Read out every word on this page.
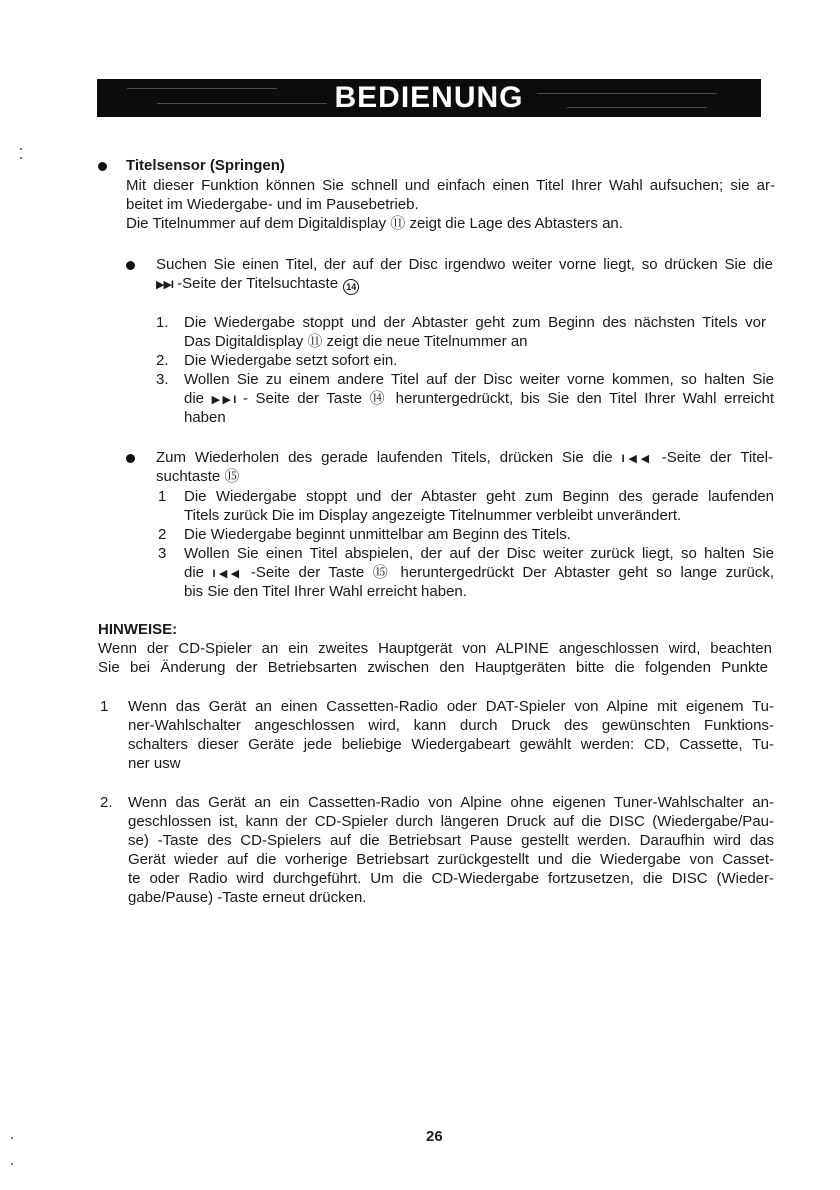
BEDIENUNG
Titelsensor (Springen)
Mit dieser Funktion können Sie schnell und einfach einen Titel Ihrer Wahl aufsuchen; sie ar-
beitet im Wiedergabe- und im Pausebetrieb.
Die Titelnummer auf dem Digitaldisplay ⑪ zeigt die Lage des Abtasters an.
Suchen Sie einen Titel, der auf der Disc irgendwo weiter vorne liegt, so drücken Sie die
▶▶I -Seite der Titelsuchtaste 14
1. Die Wiedergabe stoppt und der Abtaster geht zum Beginn des nächsten Titels vor
Das Digitaldisplay ⑪ zeigt die neue Titelnummer an
2. Die Wiedergabe setzt sofort ein.
3. Wollen Sie zu einem andere Titel auf der Disc weiter vorne kommen, so halten Sie
die ▶▶I - Seite der Taste ⑭ heruntergedrückt, bis Sie den Titel Ihrer Wahl erreicht
haben
Zum Wiederholen des gerade laufenden Titels, drücken Sie die I◀◀ -Seite der Titel-
suchtaste ⑮
1 Die Wiedergabe stoppt und der Abtaster geht zum Beginn des gerade laufenden
Titels zurück Die im Display angezeigte Titelnummer verbleibt unverändert.
2 Die Wiedergabe beginnt unmittelbar am Beginn des Titels.
3 Wollen Sie einen Titel abspielen, der auf der Disc weiter zurück liegt, so halten Sie
die I◀◀ -Seite der Taste ⑮ heruntergedrückt Der Abtaster geht so lange zurück,
bis Sie den Titel Ihrer Wahl erreicht haben.
HINWEISE:
Wenn der CD-Spieler an ein zweites Hauptgerät von ALPINE angeschlossen wird, beachten
Sie bei Änderung der Betriebsarten zwischen den Hauptgeräten bitte die folgenden Punkte
1 Wenn das Gerät an einen Cassetten-Radio oder DAT-Spieler von Alpine mit eigenem Tu-
ner-Wahlschalter angeschlossen wird, kann durch Druck des gewünschten Funktions-
schalters dieser Geräte jede beliebige Wiedergabeart gewählt werden: CD, Cassette, Tu-
ner usw
2. Wenn das Gerät an ein Cassetten-Radio von Alpine ohne eigenen Tuner-Wahlschalter an-
geschlossen ist, kann der CD-Spieler durch längeren Druck auf die DISC (Wiedergabe/Pau-
se) -Taste des CD-Spielers auf die Betriebsart Pause gestellt werden. Daraufhin wird das
Gerät wieder auf die vorherige Betriebsart zurückgestellt und die Wiedergabe von Casset-
te oder Radio wird durchgeführt. Um die CD-Wiedergabe fortzusetzen, die DISC (Wieder-
gabe/Pause) -Taste erneut drücken.
26
